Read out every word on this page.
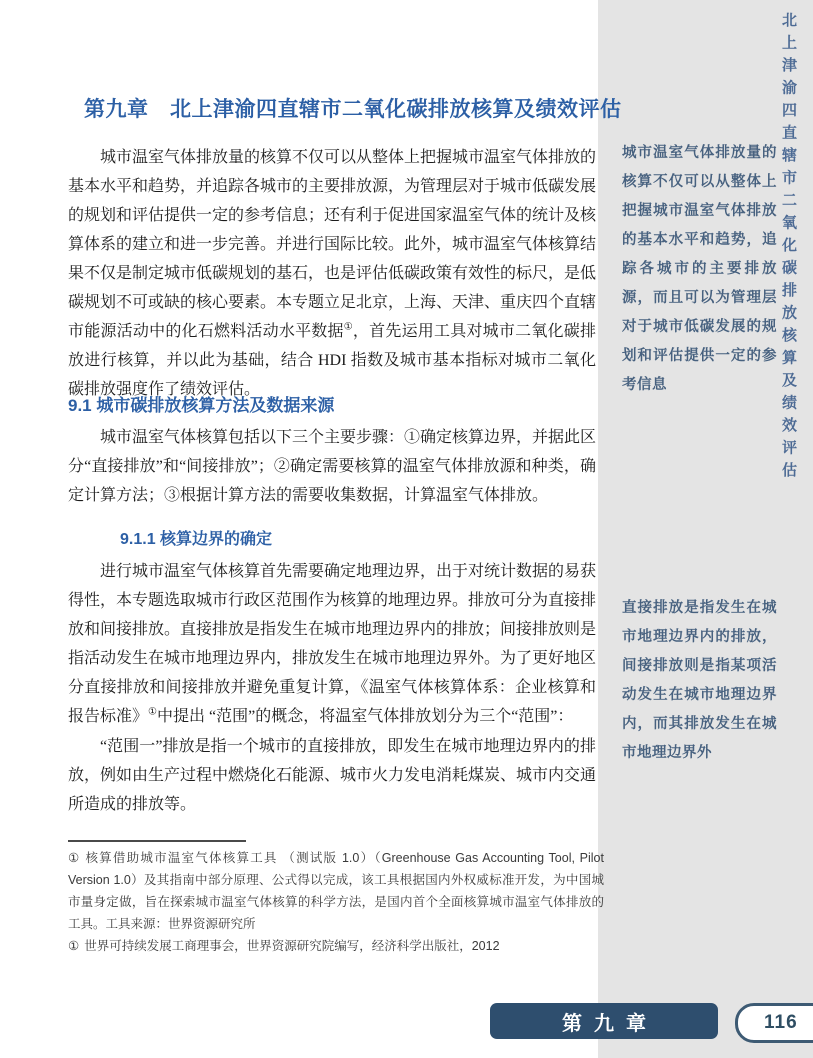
北上津渝四直辖市二氧化碳排放核算及绩效评估
城市温室气体排放量的核算不仅可以从整体上把握城市温室气体排放的基本水平和趋势，追踪各城市的主要排放源，而且可以为管理层对于城市低碳发展的规划和评估提供一定的参考信息
直接排放是指发生在城市地理边界内的排放，间接排放则是指某项活动发生在城市地理边界内，而其排放发生在城市地理边界外
第九章　北上津渝四直辖市二氧化碳排放核算及绩效评估

城市温室气体排放量的核算不仅可以从整体上把握城市温室气体排放的基本水平和趋势，并追踪各城市的主要排放源，为管理层对于城市低碳发展的规划和评估提供一定的参考信息；还有利于促进国家温室气体的统计及核算体系的建立和进一步完善。并进行国际比较。此外，城市温室气体核算结果不仅是制定城市低碳规划的基石，也是评估低碳政策有效性的标尺，是低碳规划不可或缺的核心要素。本专题立足北京，上海、天津、重庆四个直辖市能源活动中的化石燃料活动水平数据①，首先运用工具对城市二氧化碳排放进行核算，并以此为基础，结合 HDI 指数及城市基本指标对城市二氧化碳排放强度作了绩效评估。

9.1 城市碳排放核算方法及数据来源

城市温室气体核算包括以下三个主要步骤：①确定核算边界，并据此区分“直接排放”和“间接排放”；②确定需要核算的温室气体排放源和种类，确定计算方法；③根据计算方法的需要收集数据，计算温室气体排放。

9.1.1 核算边界的确定

进行城市温室气体核算首先需要确定地理边界，出于对统计数据的易获得性，本专题选取城市行政区范围作为核算的地理边界。排放可分为直接排放和间接排放。直接排放是指发生在城市地理边界内的排放；间接排放则是指活动发生在城市地理边界内，排放发生在城市地理边界外。为了更好地区分直接排放和间接排放并避免重复计算，《温室气体核算体系：企业核算和报告标准》①中提出 “范围”的概念，将温室气体排放划分为三个“范围”：

“范围一”排放是指一个城市的直接排放，即发生在城市地理边界内的排放，例如由生产过程中燃烧化石能源、城市火力发电消耗煤炭、城市内交通所造成的排放等。

① 核算借助城市温室气体核算工具 （测试版 1.0）（Greenhouse Gas Accounting Tool, Pilot Version 1.0）及其指南中部分原理、公式得以完成，该工具根据国内外权威标准开发，为中国城市量身定做，旨在探索城市温室气体核算的科学方法，是国内首个全面核算城市温室气体排放的工具。工具来源：世界资源研究所

① 世界可持续发展工商理事会，世界资源研究院编写，经济科学出版社，2012

第九章	116
